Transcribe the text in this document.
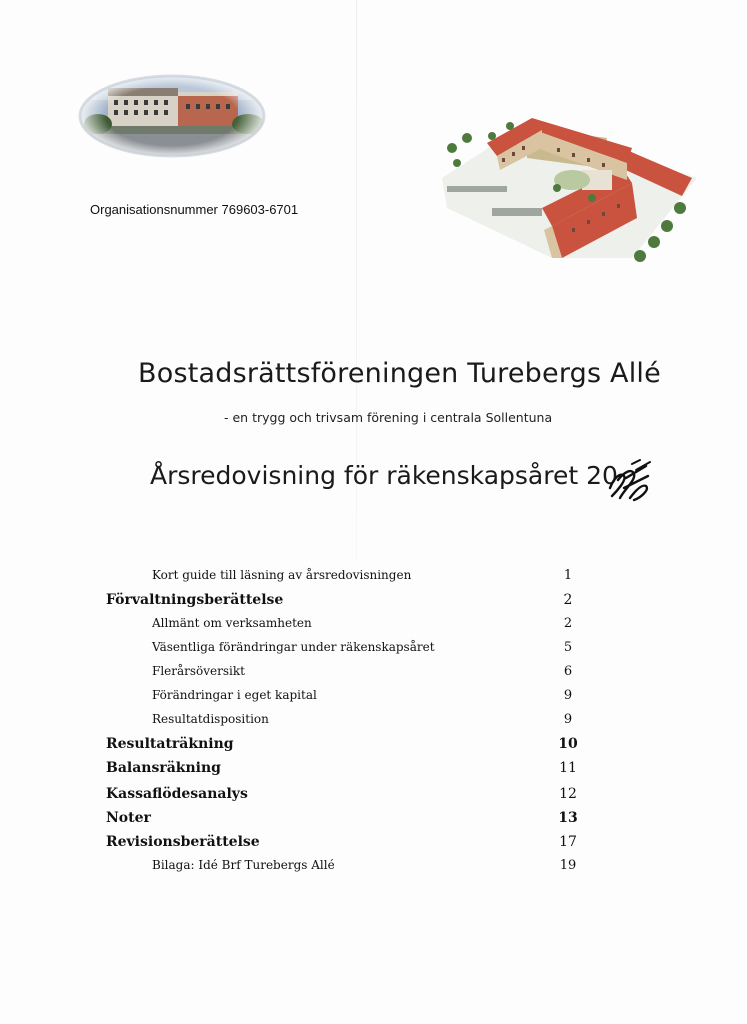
Organisationsnummer 769603-6701
Bostadsrättsföreningen Turebergs Allé
- en trygg och trivsam förening i centrala Sollentuna
Årsredovisning för räkenskapsåret 20
Kort guide till läsning av årsredovisningen	1
Förvaltningsberättelse	2
Allmänt om verksamheten	2
Väsentliga förändringar under räkenskapsåret	5
Flerårsöversikt	6
Förändringar i eget kapital	9
Resultatdisposition	9
Resultaträkning	10
Balansräkning	11
Kassaflödesanalys	12
Noter	13
Revisionsberättelse	17
Bilaga: Idé Brf Turebergs Allé	19
